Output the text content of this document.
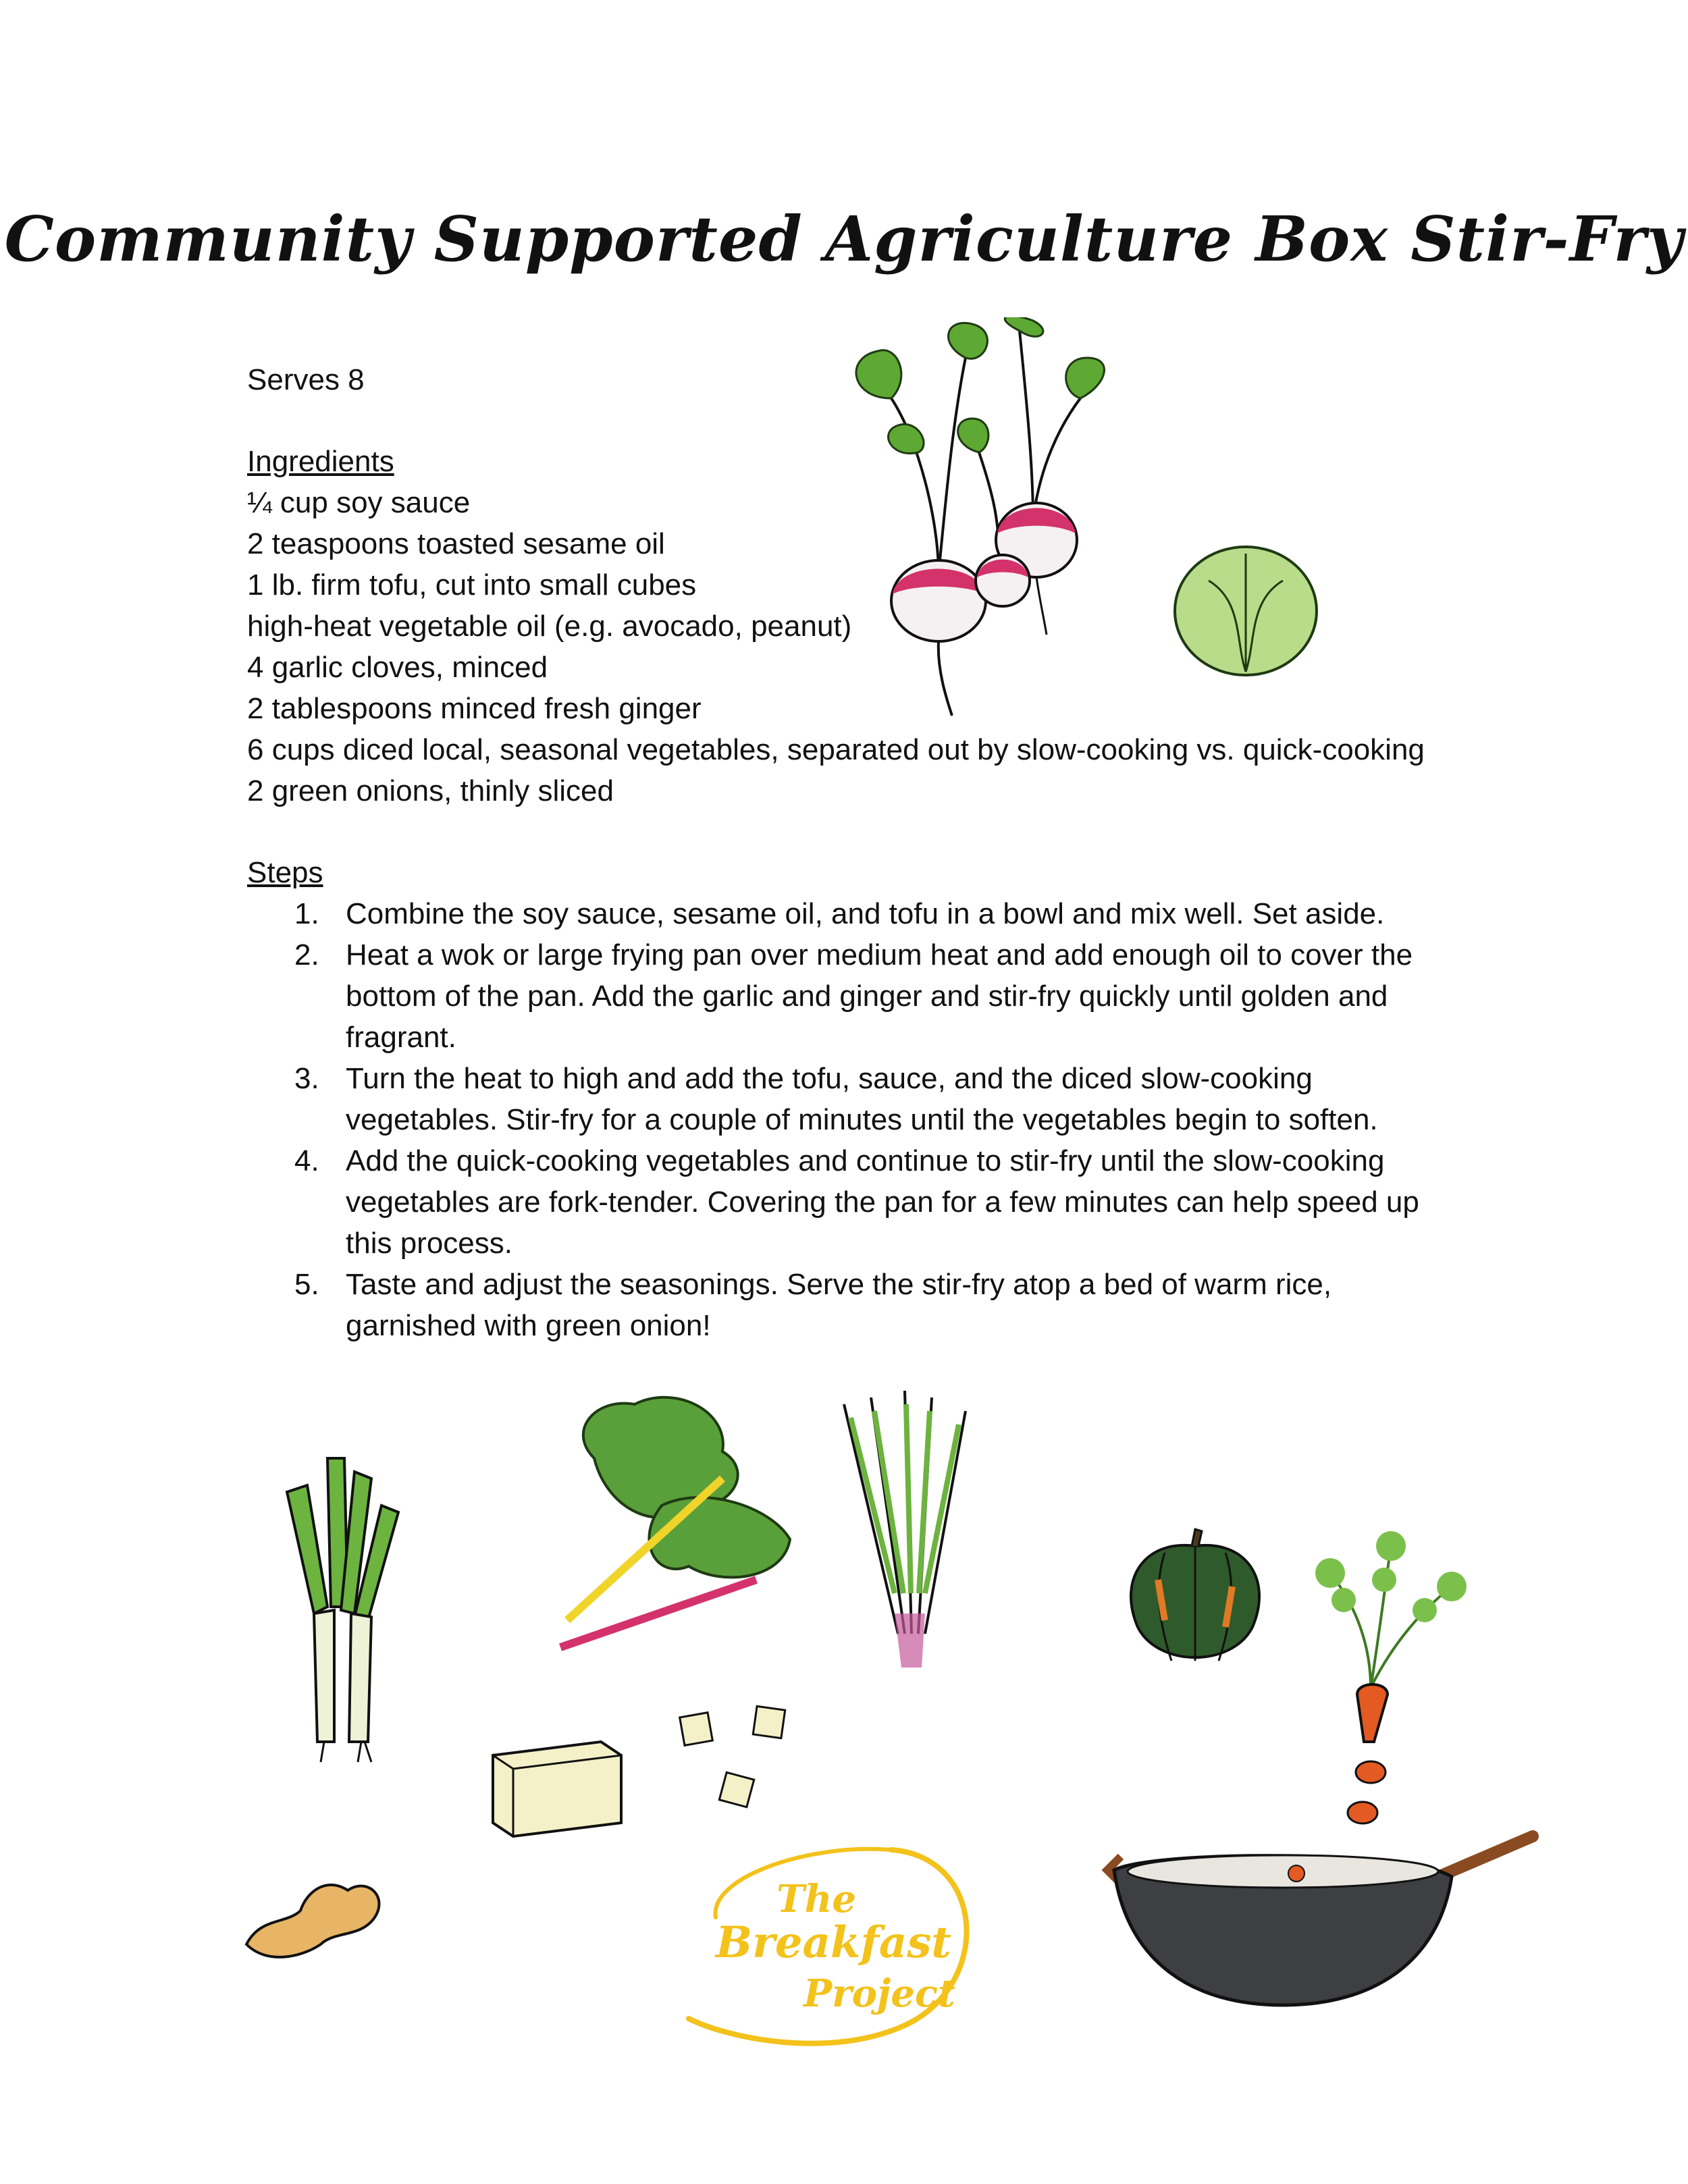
Community Supported Agriculture Box Stir-Fry
Serves 8
Ingredients
¼ cup soy sauce
2 teaspoons toasted sesame oil
1 lb. firm tofu, cut into small cubes
high-heat vegetable oil (e.g. avocado, peanut)
4 garlic cloves, minced
2 tablespoons minced fresh ginger
6 cups diced local, seasonal vegetables, separated out by slow-cooking vs. quick-cooking
2 green onions, thinly sliced
Steps
1. Combine the soy sauce, sesame oil, and tofu in a bowl and mix well. Set aside.
2. Heat a wok or large frying pan over medium heat and add enough oil to cover the bottom of the pan. Add the garlic and ginger and stir-fry quickly until golden and fragrant.
3. Turn the heat to high and add the tofu, sauce, and the diced slow-cooking vegetables. Stir-fry for a couple of minutes until the vegetables begin to soften.
4. Add the quick-cooking vegetables and continue to stir-fry until the slow-cooking vegetables are fork-tender. Covering the pan for a few minutes can help speed up this process.
5. Taste and adjust the seasonings. Serve the stir-fry atop a bed of warm rice, garnished with green onion!
The
Breakfast
Project
